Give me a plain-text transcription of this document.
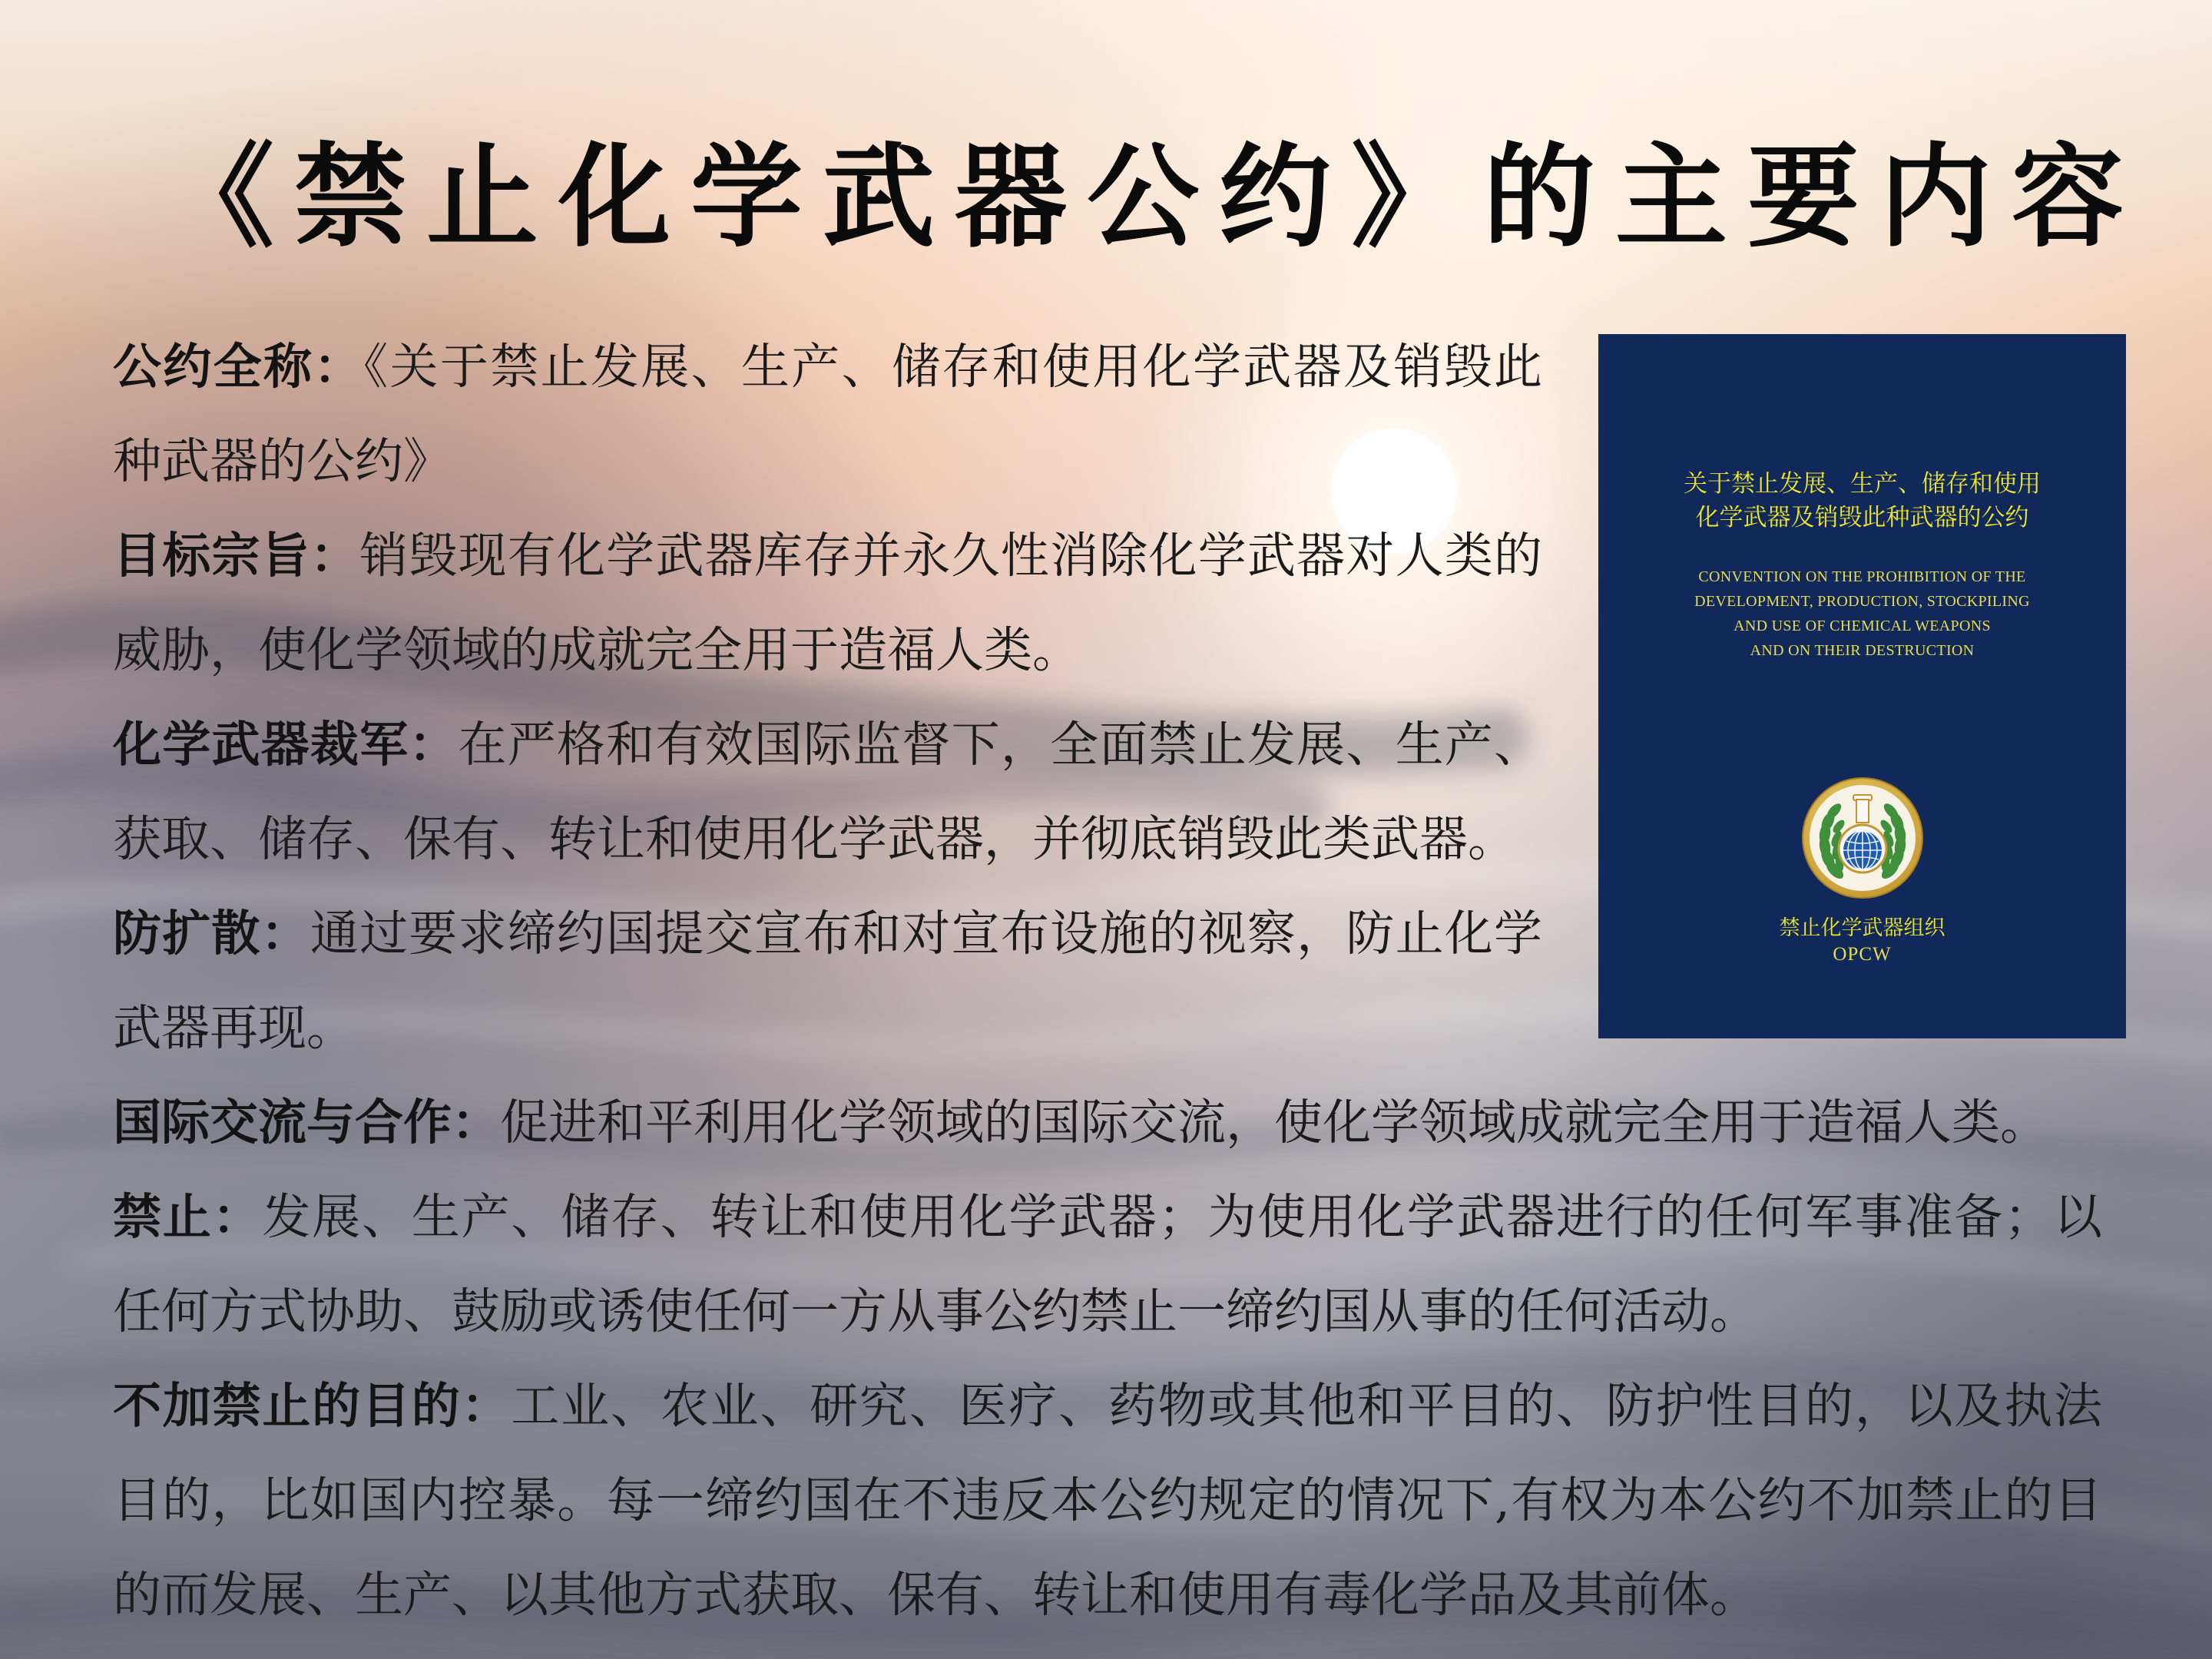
《禁止化学武器公约》的主要内容
公约全称：《关于禁止发展、生产、储存和使用化学武器及销毁此
种武器的公约》
目标宗旨：销毁现有化学武器库存并永久性消除化学武器对人类的
威胁，使化学领域的成就完全用于造福人类。
化学武器裁军：在严格和有效国际监督下，全面禁止发展、生产、
获取、储存、保有、转让和使用化学武器，并彻底销毁此类武器。
防扩散：通过要求缔约国提交宣布和对宣布设施的视察，防止化学
武器再现。
国际交流与合作：促进和平利用化学领域的国际交流，使化学领域成就完全用于造福人类。
禁止：发展、生产、储存、转让和使用化学武器；为使用化学武器进行的任何军事准备；以
任何方式协助、鼓励或诱使任何一方从事公约禁止一缔约国从事的任何活动。
不加禁止的目的：工业、农业、研究、医疗、药物或其他和平目的、防护性目的，以及执法
目的，比如国内控暴。每一缔约国在不违反本公约规定的情况下,有权为本公约不加禁止的目
的而发展、生产、以其他方式获取、保有、转让和使用有毒化学品及其前体。
关于禁止发展、生产、储存和使用
化学武器及销毁此种武器的公约
CONVENTION ON THE PROHIBITION OF THE
DEVELOPMENT, PRODUCTION, STOCKPILING
AND USE OF CHEMICAL WEAPONS
AND ON THEIR DESTRUCTION
禁止化学武器组织
OPCW
